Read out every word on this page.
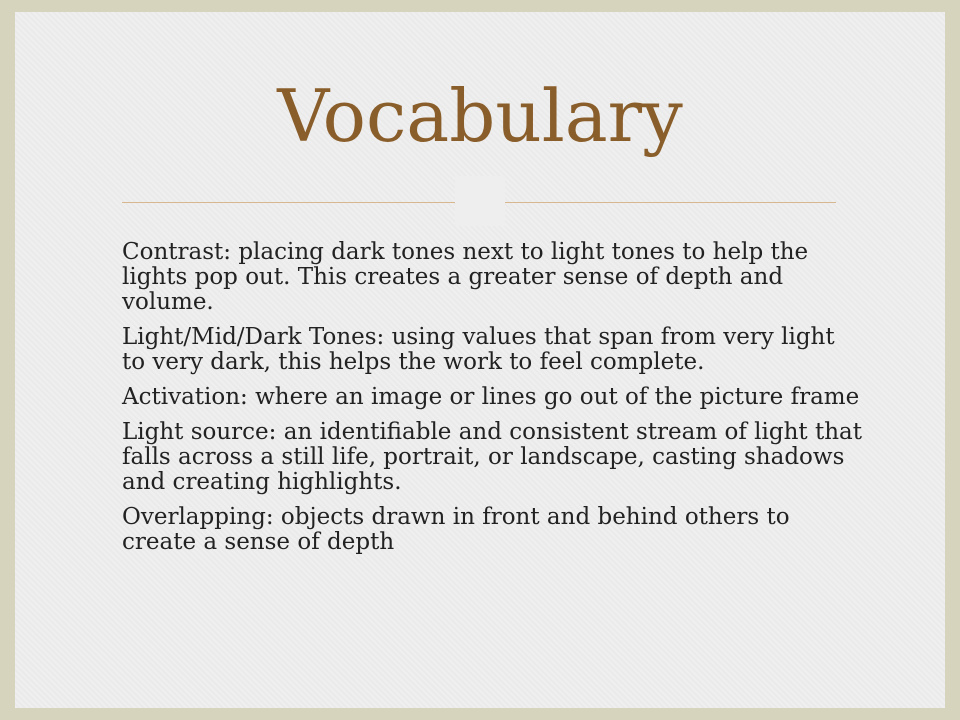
Vocabulary
Contrast: placing dark tones next to light tones to help the lights pop out. This creates a greater sense of depth and volume.
Light/Mid/Dark Tones: using values that span from very light to very dark, this helps the work to feel complete.
Activation: where an image or lines go out of the picture frame
Light source: an identifiable and consistent stream of light that falls across a still life, portrait, or landscape, casting shadows and creating highlights.
Overlapping: objects drawn in front and behind others to create a sense of depth
